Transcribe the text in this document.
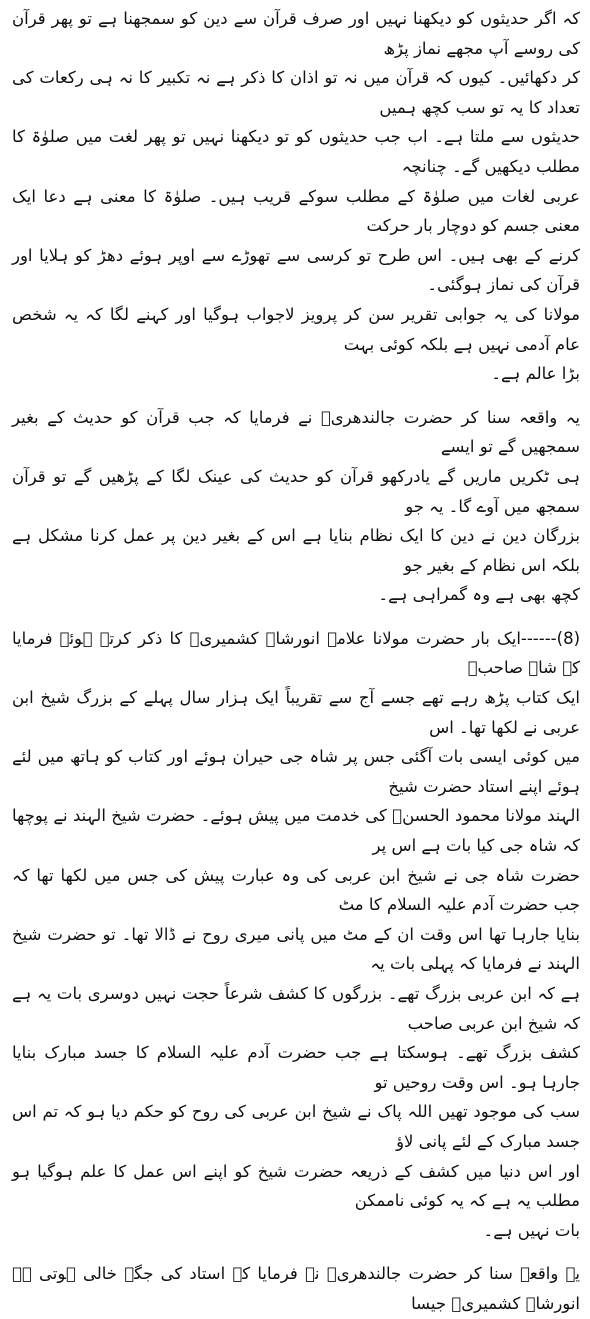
کہ اگر حدیثوں کو دیکھنا نہیں اور صرف قرآن سے دین کو سمجھنا ہے تو پھر قرآن کی روسے آپ مجھے نماز پڑھ
کر دکھائیں۔ کیوں کہ قرآن میں نہ تو اذان کا ذکر ہے نہ تکبیر کا نہ ہی رکعات کی تعداد کا یہ تو سب کچھ ہمیں
حدیثوں سے ملتا ہے۔ اب جب حدیثوں کو تو دیکھنا نہیں تو پھر لغت میں صلوٰۃ کا مطلب دیکھیں گے۔ چنانچہ
عربی لغات میں صلوٰۃ کے مطلب سوکے قریب ہیں۔ صلوٰۃ کا معنی ہے دعا ایک معنی جسم کو دوچار بار حرکت
کرنے کے بھی ہیں۔ اس طرح تو کرسی سے تھوڑے سے اوپر ہوئے دھڑ کو ہلایا اور قرآن کی نماز ہوگئی۔
مولانا کی یہ جوابی تقریر سن کر پرویز لاجواب ہوگیا اور کہنے لگا کہ یہ شخص عام آدمی نہیں ہے بلکہ کوئی بہت
بڑا عالم ہے۔
یہ واقعہ سنا کر حضرت جالندھریؒ نے فرمایا کہ جب قرآن کو حدیث کے بغیر سمجھیں گے تو ایسے
ہی ٹکریں ماریں گے یادرکھو قرآن کو حدیث کی عینک لگا کے پڑھیں گے تو قرآن سمجھ میں آوے گا۔ یہ جو
بزرگان دین نے دین کا ایک نظام بنایا ہے اس کے بغیر دین پر عمل کرنا مشکل ہے بلکہ اس نظام کے بغیر جو
کچھ بھی ہے وہ گمراہی ہے۔
(8)------ایک بار حضرت مولانا علامہ انورشاہ کشمیریؒ کا ذکر کرتے ہوئے فرمایا کہ شاہ صاحبؒ
ایک کتاب پڑھ رہے تھے جسے آج سے تقریباً ایک ہزار سال پہلے کے بزرگ شیخ ابن عربی نے لکھا تھا۔ اس
میں کوئی ایسی بات آگئی جس پر شاہ جی حیران ہوئے اور کتاب کو ہاتھ میں لئے ہوئے اپنے استاد حضرت شیخ
الہند مولانا محمود الحسنؒ کی خدمت میں پیش ہوئے۔ حضرت شیخ الہند نے پوچھا کہ شاہ جی کیا بات ہے اس پر
حضرت شاہ جی نے شیخ ابن عربی کی وہ عبارت پیش کی جس میں لکھا تھا کہ جب حضرت آدم علیہ السلام کا مٹ
بنایا جارہا تھا اس وقت ان کے مٹ میں پانی میری روح نے ڈالا تھا۔ تو حضرت شیخ الہند نے فرمایا کہ پہلی بات یہ
ہے کہ ابن عربی بزرگ تھے۔ بزرگوں کا کشف شرعاً حجت نہیں دوسری بات یہ ہے کہ شیخ ابن عربی صاحب
کشف بزرگ تھے۔ ہوسکتا ہے جب حضرت آدم علیہ السلام کا جسد مبارک بنایا جارہا ہو۔ اس وقت روحیں تو
سب کی موجود تھیں اللہ پاک نے شیخ ابن عربی کی روح کو حکم دیا ہو کہ تم اس جسد مبارک کے لئے پانی لاؤ
اور اس دنیا میں کشف کے ذریعہ حضرت شیخ کو اپنے اس عمل کا علم ہوگیا ہو مطلب یہ ہے کہ یہ کوئی ناممکن
بات نہیں ہے۔
یہ واقعہ سنا کر حضرت جالندھریؒ نے فرمایا کہ استاد کی جگہ خالی ہوتی ہے انورشاہ کشمیریؒ جیسا
